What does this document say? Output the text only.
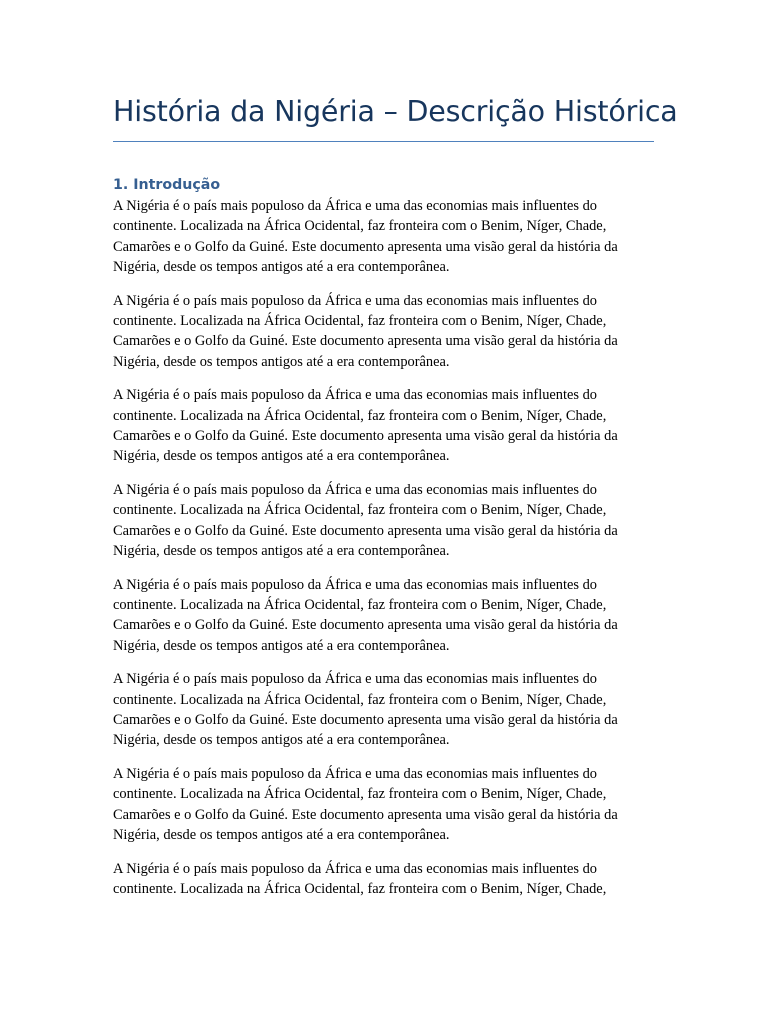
História da Nigéria – Descrição Histórica
1. Introdução

A Nigéria é o país mais populoso da África e uma das economias mais influentes do
continente. Localizada na África Ocidental, faz fronteira com o Benim, Níger, Chade,
Camarões e o Golfo da Guiné. Este documento apresenta uma visão geral da história da
Nigéria, desde os tempos antigos até a era contemporânea.

A Nigéria é o país mais populoso da África e uma das economias mais influentes do
continente. Localizada na África Ocidental, faz fronteira com o Benim, Níger, Chade,
Camarões e o Golfo da Guiné. Este documento apresenta uma visão geral da história da
Nigéria, desde os tempos antigos até a era contemporânea.

A Nigéria é o país mais populoso da África e uma das economias mais influentes do
continente. Localizada na África Ocidental, faz fronteira com o Benim, Níger, Chade,
Camarões e o Golfo da Guiné. Este documento apresenta uma visão geral da história da
Nigéria, desde os tempos antigos até a era contemporânea.

A Nigéria é o país mais populoso da África e uma das economias mais influentes do
continente. Localizada na África Ocidental, faz fronteira com o Benim, Níger, Chade,
Camarões e o Golfo da Guiné. Este documento apresenta uma visão geral da história da
Nigéria, desde os tempos antigos até a era contemporânea.

A Nigéria é o país mais populoso da África e uma das economias mais influentes do
continente. Localizada na África Ocidental, faz fronteira com o Benim, Níger, Chade,
Camarões e o Golfo da Guiné. Este documento apresenta uma visão geral da história da
Nigéria, desde os tempos antigos até a era contemporânea.

A Nigéria é o país mais populoso da África e uma das economias mais influentes do
continente. Localizada na África Ocidental, faz fronteira com o Benim, Níger, Chade,
Camarões e o Golfo da Guiné. Este documento apresenta uma visão geral da história da
Nigéria, desde os tempos antigos até a era contemporânea.

A Nigéria é o país mais populoso da África e uma das economias mais influentes do
continente. Localizada na África Ocidental, faz fronteira com o Benim, Níger, Chade,
Camarões e o Golfo da Guiné. Este documento apresenta uma visão geral da história da
Nigéria, desde os tempos antigos até a era contemporânea.

A Nigéria é o país mais populoso da África e uma das economias mais influentes do
continente. Localizada na África Ocidental, faz fronteira com o Benim, Níger, Chade,
